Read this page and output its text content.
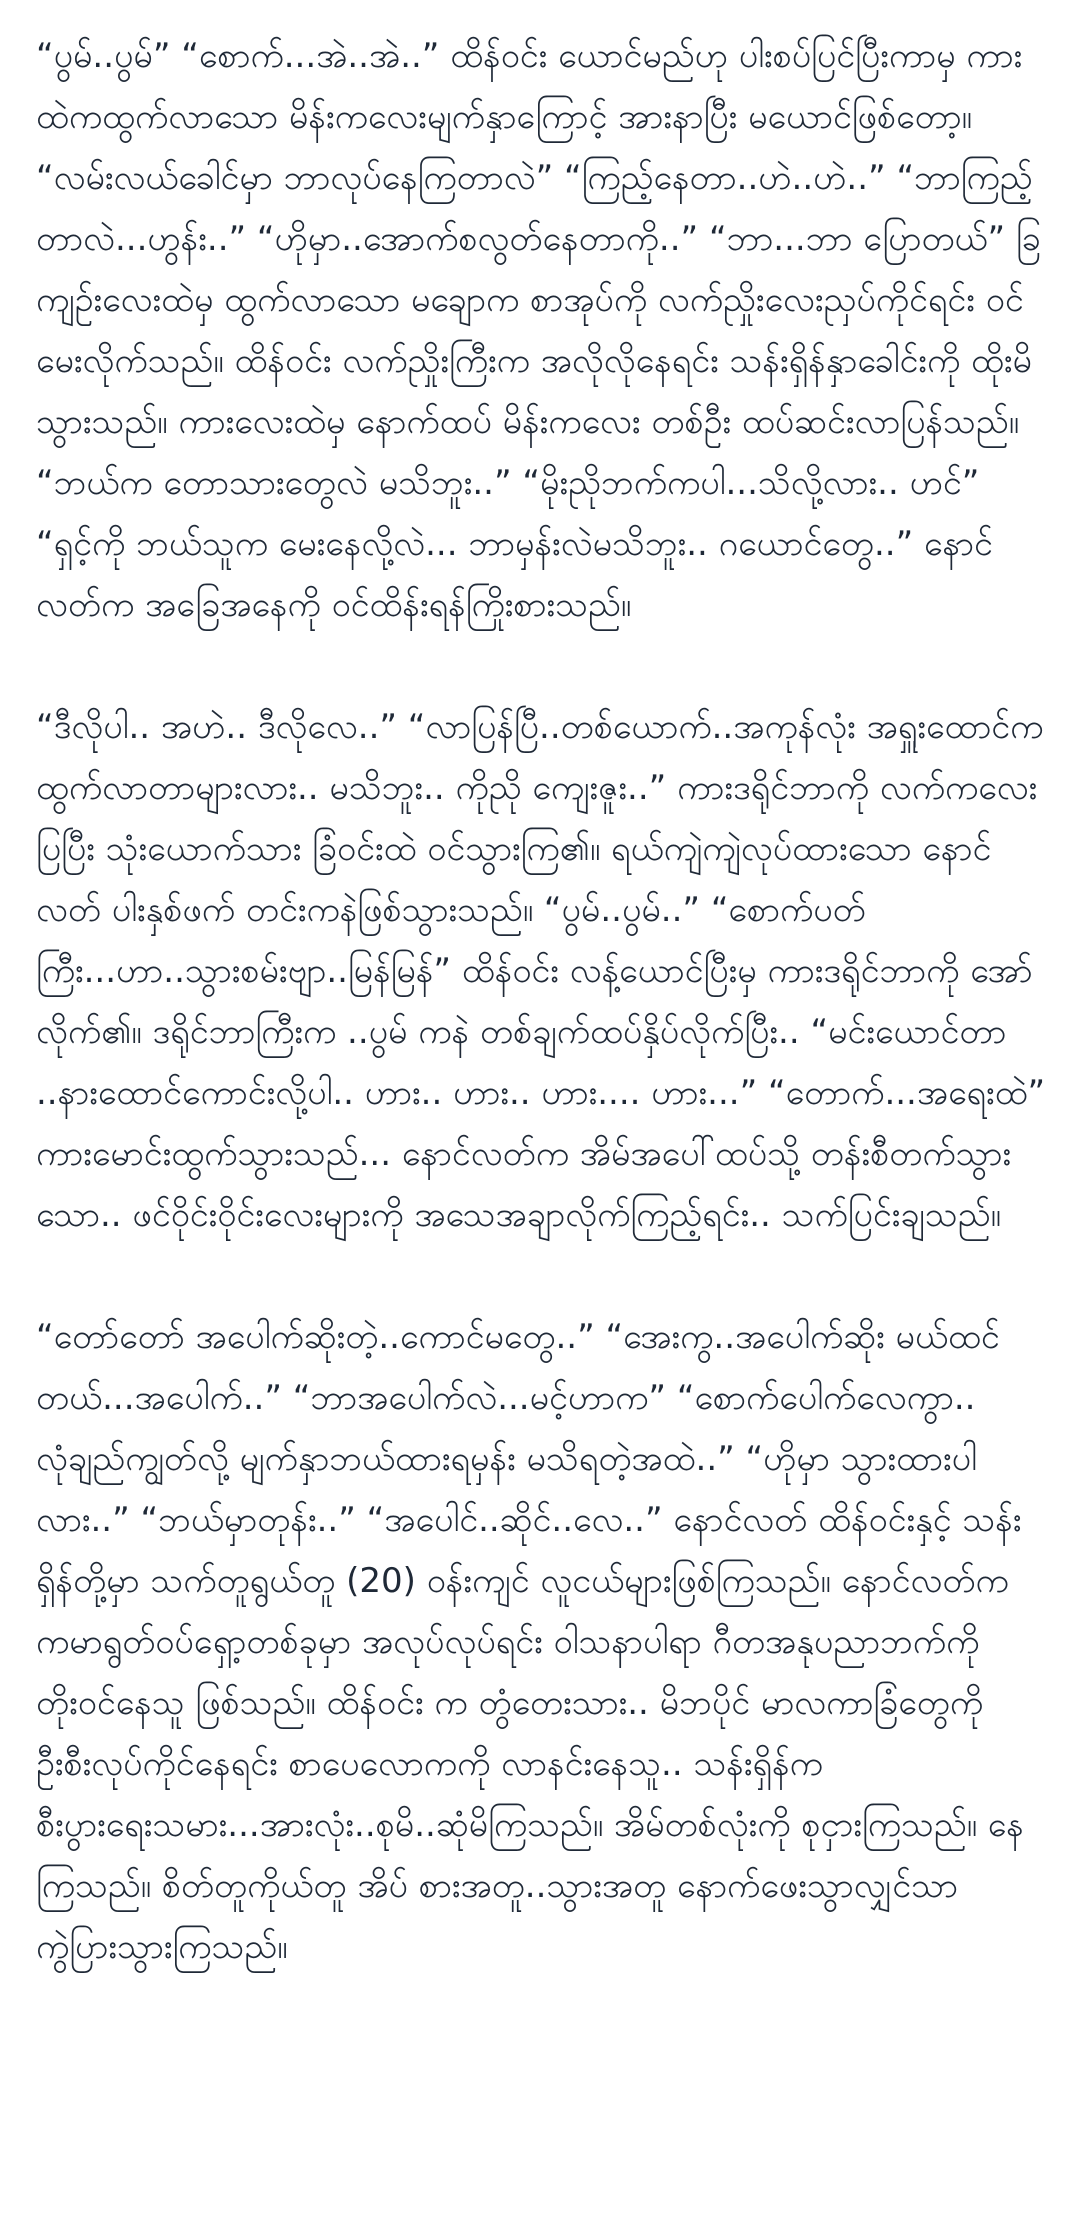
“ပွမ်..ပွမ်” “စောက်...အဲ..အဲ..” ထိန်ဝင်း ယောင်မည်ဟု ပါးစပ်ပြင်ပြီးကာမှ ကားထဲကထွက်လာသော မိန်းကလေးမျက်နှာကြောင့် အားနာပြီး မယောင်ဖြစ်တော့။ “လမ်းလယ်ခေါင်မှာ ဘာလုပ်နေကြတာလဲ” “ကြည့်နေတာ..ဟဲ..ဟဲ..” “ဘာကြည့်တာလဲ...ဟွန်း..” “ဟိုမှာ..အောက်စလွတ်နေတာကို..” “ဘာ...ဘာ ပြောတယ်” ခြကျဉ်းလေးထဲမှ ထွက်လာသော မချောက စာအုပ်ကို လက်ညှိုးလေးညှပ်ကိုင်ရင်း ဝင်မေးလိုက်သည်။ ထိန်ဝင်း လက်ညှိုးကြီးက အလိုလိုနေရင်း သန်းရှိန်နှာခေါင်းကို ထိုးမိသွားသည်။ ကားလေးထဲမှ နောက်ထပ် မိန်းကလေး တစ်ဦး ထပ်ဆင်းလာပြန်သည်။ “ဘယ်က တောသားတွေလဲ မသိဘူး..” “မိုးညိုဘက်ကပါ...သိလို့လား.. ဟင်” “ရှင့်ကို ဘယ်သူက မေးနေလို့လဲ... ဘာမှန်းလဲမသိဘူး.. ဂယောင်တွေ..” နောင်လတ်က အခြေအနေကို ဝင်ထိန်းရန်ကြိုးစားသည်။

“ဒီလိုပါ.. အဟဲ.. ဒီလိုလေ..” “လာပြန်ပြီ..တစ်ယောက်..အကုန်လုံး အရှူးထောင်က ထွက်လာတာများလား.. မသိဘူး.. ကိုညို ကျေးဇူး..” ကားဒရိုင်ဘာကို လက်ကလေးပြပြီး သုံးယောက်သား ခြံဝင်းထဲ ဝင်သွားကြ၏။ ရယ်ကျဲကျဲလုပ်ထားသော နောင်လတ် ပါးနှစ်ဖက် တင်းကနဲဖြစ်သွားသည်။ “ပွမ်..ပွမ်..” “စောက်ပတ်ကြီး...ဟာ..သွားစမ်းဗျာ..မြန်မြန်” ထိန်ဝင်း လန့်ယောင်ပြီးမှ ကားဒရိုင်ဘာကို အော်လိုက်၏။ ဒရိုင်ဘာကြီးက ..ပွမ် ကနဲ တစ်ချက်ထပ်နှိပ်လိုက်ပြီး.. “မင်းယောင်တာ ..နားထောင်ကောင်းလို့ပါ.. ဟား.. ဟား.. ဟား.... ဟား...” “တောက်...အရေးထဲ” ကားမောင်းထွက်သွားသည်... နောင်လတ်က အိမ်အပေါ်ထပ်သို့ တန်းစီတက်သွားသော.. ဖင်ဝိုင်းဝိုင်းလေးများကို အသေအချာလိုက်ကြည့်ရင်း.. သက်ပြင်းချသည်။

“တော်တော် အပေါက်ဆိုးတဲ့..ကောင်မတွေ..” “အေးကွ..အပေါက်ဆိုး မယ်ထင်တယ်...အပေါက်..” “ဘာအပေါက်လဲ...မင့်ဟာက” “စောက်ပေါက်လေကွာ.. လုံချည်ကျွတ်လို့ မျက်နှာဘယ်ထားရမှန်း မသိရတဲ့အထဲ..” “ဟိုမှာ သွားထားပါလား..” “ဘယ်မှာတုန်း..” “အပေါင်..ဆိုင်..လေ..” နောင်လတ် ထိန်ဝင်းနှင့် သန်းရှိန်တို့မှာ သက်တူရွယ်တူ (20) ဝန်းကျင် လူငယ်များဖြစ်ကြသည်။ နောင်လတ်က ကမာရွတ်ဝပ်ရှော့တစ်ခုမှာ အလုပ်လုပ်ရင်း ဝါသနာပါရာ ဂီတအနုပညာဘက်ကို တိုးဝင်နေသူ ဖြစ်သည်။ ထိန်ဝင်း က တွံတေးသား.. မိဘပိုင် မာလကာခြံတွေကို ဦးစီးလုပ်ကိုင်နေရင်း စာပေလောကကို လာနင်းနေသူ.. သန်းရှိန်က စီးပွားရေးသမား...အားလုံး..စုမိ..ဆုံမိကြသည်။ အိမ်တစ်လုံးကို စုငှားကြသည်။ နေကြသည်။ စိတ်တူကိုယ်တူ အိပ် စားအတူ..သွားအတူ နောက်ဖေးသွာလျှင်သာ ကွဲပြားသွားကြသည်။
